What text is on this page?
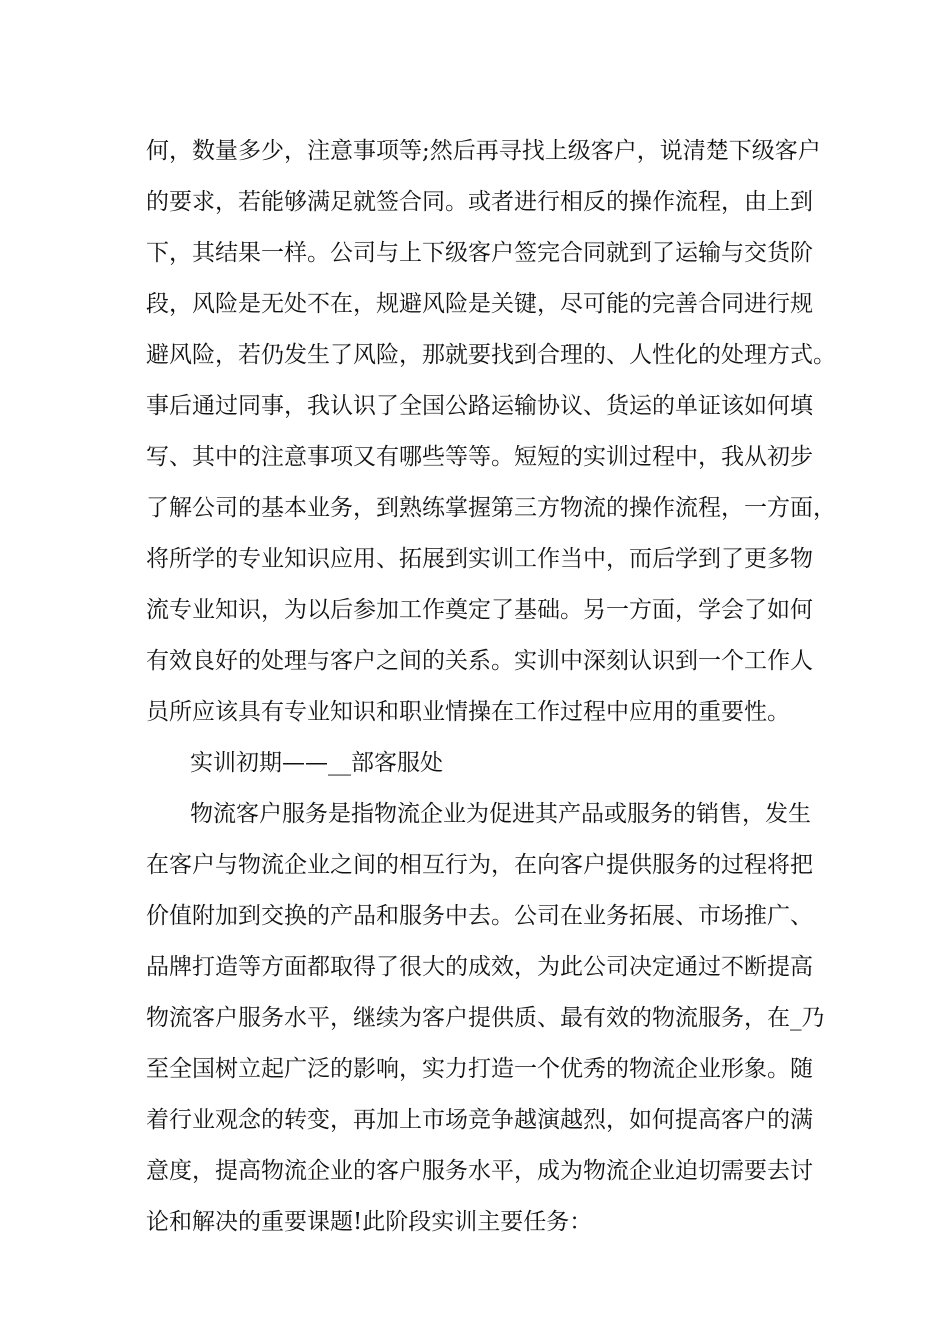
何，数量多少，注意事项等;然后再寻找上级客户，说清楚下级客户
的要求，若能够满足就签合同。或者进行相反的操作流程，由上到
下，其结果一样。公司与上下级客户签完合同就到了运输与交货阶
段，风险是无处不在，规避风险是关键，尽可能的完善合同进行规
避风险，若仍发生了风险，那就要找到合理的、人性化的处理方式。
事后通过同事，我认识了全国公路运输协议、货运的单证该如何填
写、其中的注意事项又有哪些等等。短短的实训过程中，我从初步
了解公司的基本业务，到熟练掌握第三方物流的操作流程，一方面，
将所学的专业知识应用、拓展到实训工作当中，而后学到了更多物
流专业知识，为以后参加工作奠定了基础。另一方面，学会了如何
有效良好的处理与客户之间的关系。实训中深刻认识到一个工作人
员所应该具有专业知识和职业情操在工作过程中应用的重要性。
实训初期——__部客服处
物流客户服务是指物流企业为促进其产品或服务的销售，发生
在客户与物流企业之间的相互行为，在向客户提供服务的过程将把
价值附加到交换的产品和服务中去。公司在业务拓展、市场推广、
品牌打造等方面都取得了很大的成效，为此公司决定通过不断提高
物流客户服务水平，继续为客户提供质、最有效的物流服务，在_乃
至全国树立起广泛的影响，实力打造一个优秀的物流企业形象。随
着行业观念的转变，再加上市场竞争越演越烈，如何提高客户的满
意度，提高物流企业的客户服务水平，成为物流企业迫切需要去讨
论和解决的重要课题!此阶段实训主要任务：
